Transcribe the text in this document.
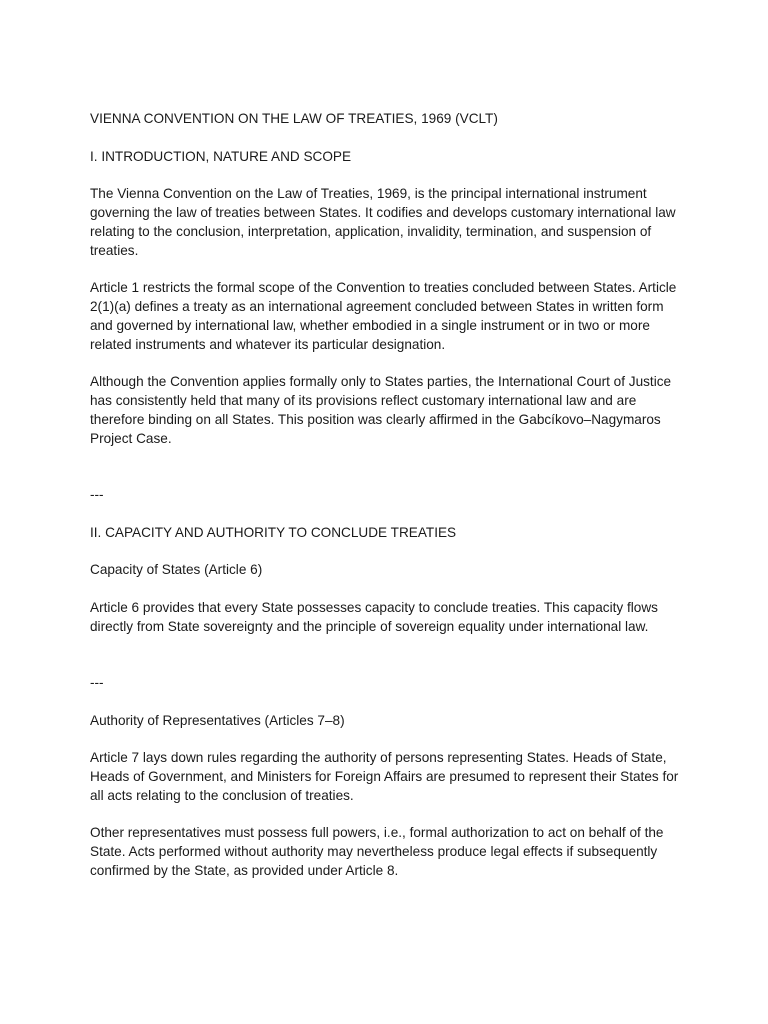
VIENNA CONVENTION ON THE LAW OF TREATIES, 1969 (VCLT)

I. INTRODUCTION, NATURE AND SCOPE

The Vienna Convention on the Law of Treaties, 1969, is the principal international instrument governing the law of treaties between States. It codifies and develops customary international law relating to the conclusion, interpretation, application, invalidity, termination, and suspension of treaties.

Article 1 restricts the formal scope of the Convention to treaties concluded between States. Article 2(1)(a) defines a treaty as an international agreement concluded between States in written form and governed by international law, whether embodied in a single instrument or in two or more related instruments and whatever its particular designation.

Although the Convention applies formally only to States parties, the International Court of Justice has consistently held that many of its provisions reflect customary international law and are therefore binding on all States. This position was clearly affirmed in the Gabcíkovo–Nagymaros Project Case.

---

II. CAPACITY AND AUTHORITY TO CONCLUDE TREATIES

Capacity of States (Article 6)

Article 6 provides that every State possesses capacity to conclude treaties. This capacity flows directly from State sovereignty and the principle of sovereign equality under international law.

---

Authority of Representatives (Articles 7–8)

Article 7 lays down rules regarding the authority of persons representing States. Heads of State, Heads of Government, and Ministers for Foreign Affairs are presumed to represent their States for all acts relating to the conclusion of treaties.

Other representatives must possess full powers, i.e., formal authorization to act on behalf of the State. Acts performed without authority may nevertheless produce legal effects if subsequently confirmed by the State, as provided under Article 8.
